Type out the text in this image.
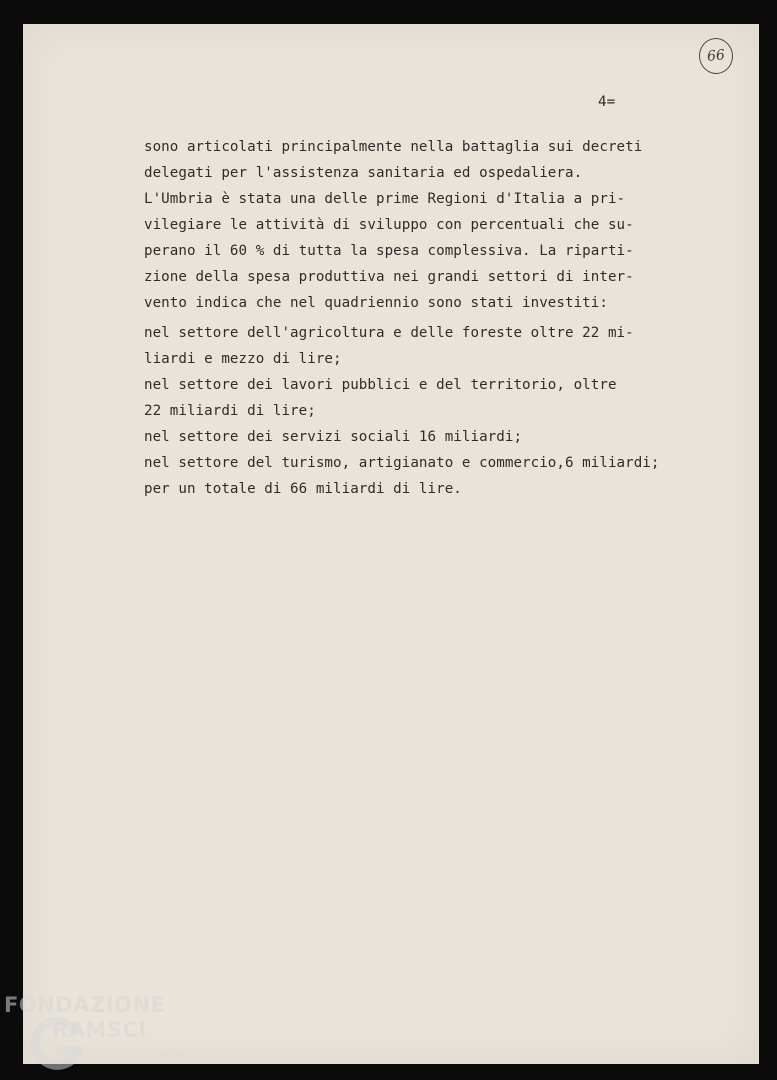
66
4=
sono articolati principalmente nella battaglia sui decreti
delegati per l'assistenza sanitaria ed ospedaliera.
L'Umbria è stata una delle prime Regioni d'Italia a pri-
vilegiare le attività di sviluppo con percentuali che su-
perano il 60 % di tutta la spesa complessiva. La riparti-
zione della spesa produttiva nei grandi settori di inter-
vento indica che nel quadriennio sono stati investiti:
nel settore dell'agricoltura e delle foreste oltre 22 mi-
liardi e mezzo di lire;
nel settore dei lavori pubblici e del territorio, oltre
22 miliardi di lire;
nel settore dei servizi sociali 16 miliardi;
nel settore del turismo, artigianato e commercio,6 miliardi;
per un totale di 66 miliardi di lire.
FONDAZIONE
RAMSCI
onlus
